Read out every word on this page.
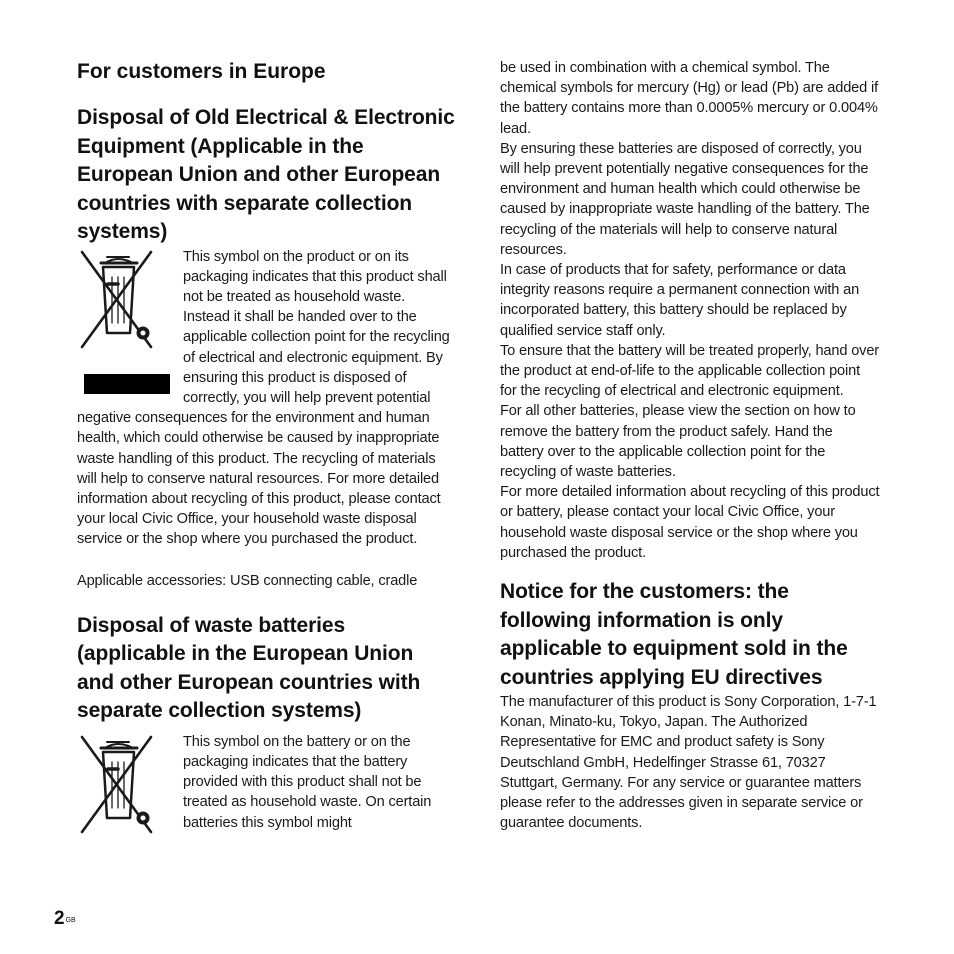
For customers in Europe
Disposal of Old Electrical & Electronic Equipment (Applicable in the European Union and other European countries with separate collection systems)

This symbol on the product or on its packaging indicates that this product shall not be treated as household waste. Instead it shall be handed over to the applicable collection point for the recycling of electrical and electronic equipment. By ensuring this product is disposed of correctly, you will help prevent potential negative consequences for the environment and human health, which could otherwise be caused by inappropriate waste handling of this product. The recycling of materials will help to conserve natural resources. For more detailed information about recycling of this product, please contact your local Civic Office, your household waste disposal service or the shop where you purchased the product.

Applicable accessories: USB connecting cable, cradle

Disposal of waste batteries (applicable in the European Union and other European countries with separate collection systems)

This symbol on the battery or on the packaging indicates that the battery provided with this product shall not be treated as household waste. On certain batteries this symbol might

be used in combination with a chemical symbol. The chemical symbols for mercury (Hg) or lead (Pb) are added if the battery contains more than 0.0005% mercury or 0.004% lead.

By ensuring these batteries are disposed of correctly, you will help prevent potentially negative consequences for the environment and human health which could otherwise be caused by inappropriate waste handling of the battery. The recycling of the materials will help to conserve natural resources.

In case of products that for safety, performance or data integrity reasons require a permanent connection with an incorporated battery, this battery should be replaced by qualified service staff only.

To ensure that the battery will be treated properly, hand over the product at end-of-life to the applicable collection point for the recycling of electrical and electronic equipment.

For all other batteries, please view the section on how to remove the battery from the product safely. Hand the battery over to the applicable collection point for the recycling of waste batteries.

For more detailed information about recycling of this product or battery, please contact your local Civic Office, your household waste disposal service or the shop where you purchased the product.

Notice for the customers: the following information is only applicable to equipment sold in the countries applying EU directives

The manufacturer of this product is Sony Corporation, 1-7-1 Konan, Minato-ku, Tokyo, Japan. The Authorized Representative for EMC and product safety is Sony Deutschland GmbH, Hedelfinger Strasse 61, 70327 Stuttgart, Germany. For any service or guarantee matters please refer to the addresses given in separate service or guarantee documents.

$2^{GB}$
